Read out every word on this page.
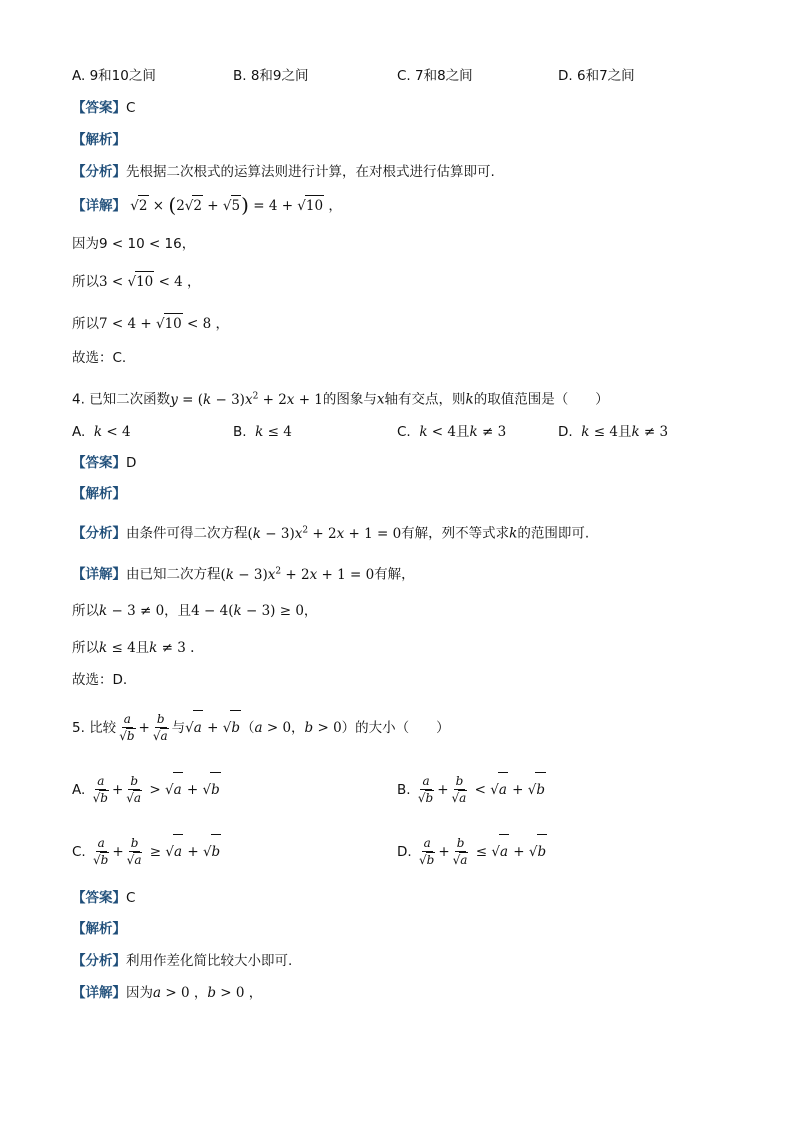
A. 9和10之间	B. 8和9之间	C. 7和8之间	D. 6和7之间
【答案】C
【解析】
【分析】先根据二次根式的运算法则进行计算，在对根式进行估算即可.
【详解】 √2 × (2√2 + √5) = 4 + √10 ，
因为9 < 10 < 16，
所以3 < √10 < 4 ，
所以7 < 4 + √10 < 8 ，
故选：C.
4. 已知二次函数$y = (k - 3)x^2 + 2x + 1$的图象与x轴有交点，则k的取值范围是（　　）
A. k < 4	B. k ≤ 4	C. k < 4且k ≠ 3	D. k ≤ 4且k ≠ 3
【答案】D
【解析】
【分析】由条件可得二次方程$(k - 3)x^2 + 2x + 1 = 0$有解，列不等式求k的范围即可.
【详解】由已知二次方程$(k - 3)x^2 + 2x + 1 = 0$有解，
所以k − 3 ≠ 0，且4 − 4(k − 3) ≥ 0，
所以k ≤ 4且k ≠ 3 .
故选：D.
5. 比较 $\frac{a}{√b} + \frac{b}{√a}$ 与√a + √b（a > 0，b > 0）的大小（　　）
A. $\frac{a}{√b} + \frac{b}{√a} > √a + √b$	B. $\frac{a}{√b} + \frac{b}{√a} < √a + √b$
C. $\frac{a}{√b} + \frac{b}{√a} \ge √a + √b$	D. $\frac{a}{√b} + \frac{b}{√a} \le √a + √b$
【答案】C
【解析】
【分析】利用作差化简比较大小即可.
【详解】因为a > 0 ，b > 0 ，
